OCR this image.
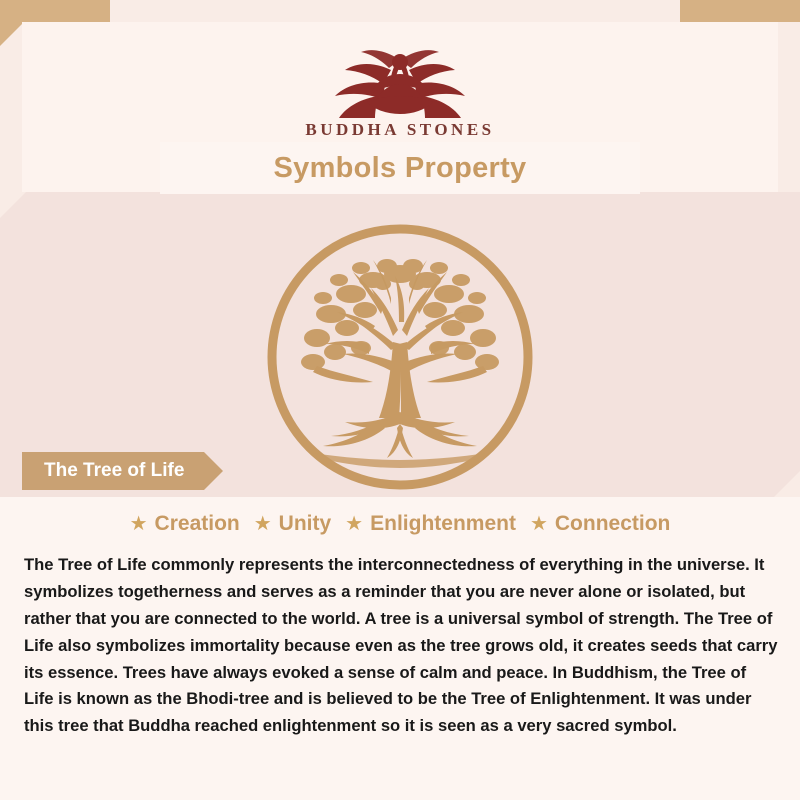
BUDDHA STONES
Symbols Property
The Tree of Life
★ Creation ★ Unity ★ Enlightenment ★ Connection

The Tree of Life commonly represents the interconnectedness of everything in the universe. It symbolizes togetherness and serves as a reminder that you are never alone or isolated, but rather that you are connected to the world. A tree is a universal symbol of strength. The Tree of Life also symbolizes immortality because even as the tree grows old, it creates seeds that carry its essence. Trees have always evoked a sense of calm and peace. In Buddhism, the Tree of Life is known as the Bhodi-tree and is believed to be the Tree of Enlightenment. It was under this tree that Buddha reached enlightenment so it is seen as a very sacred symbol.
